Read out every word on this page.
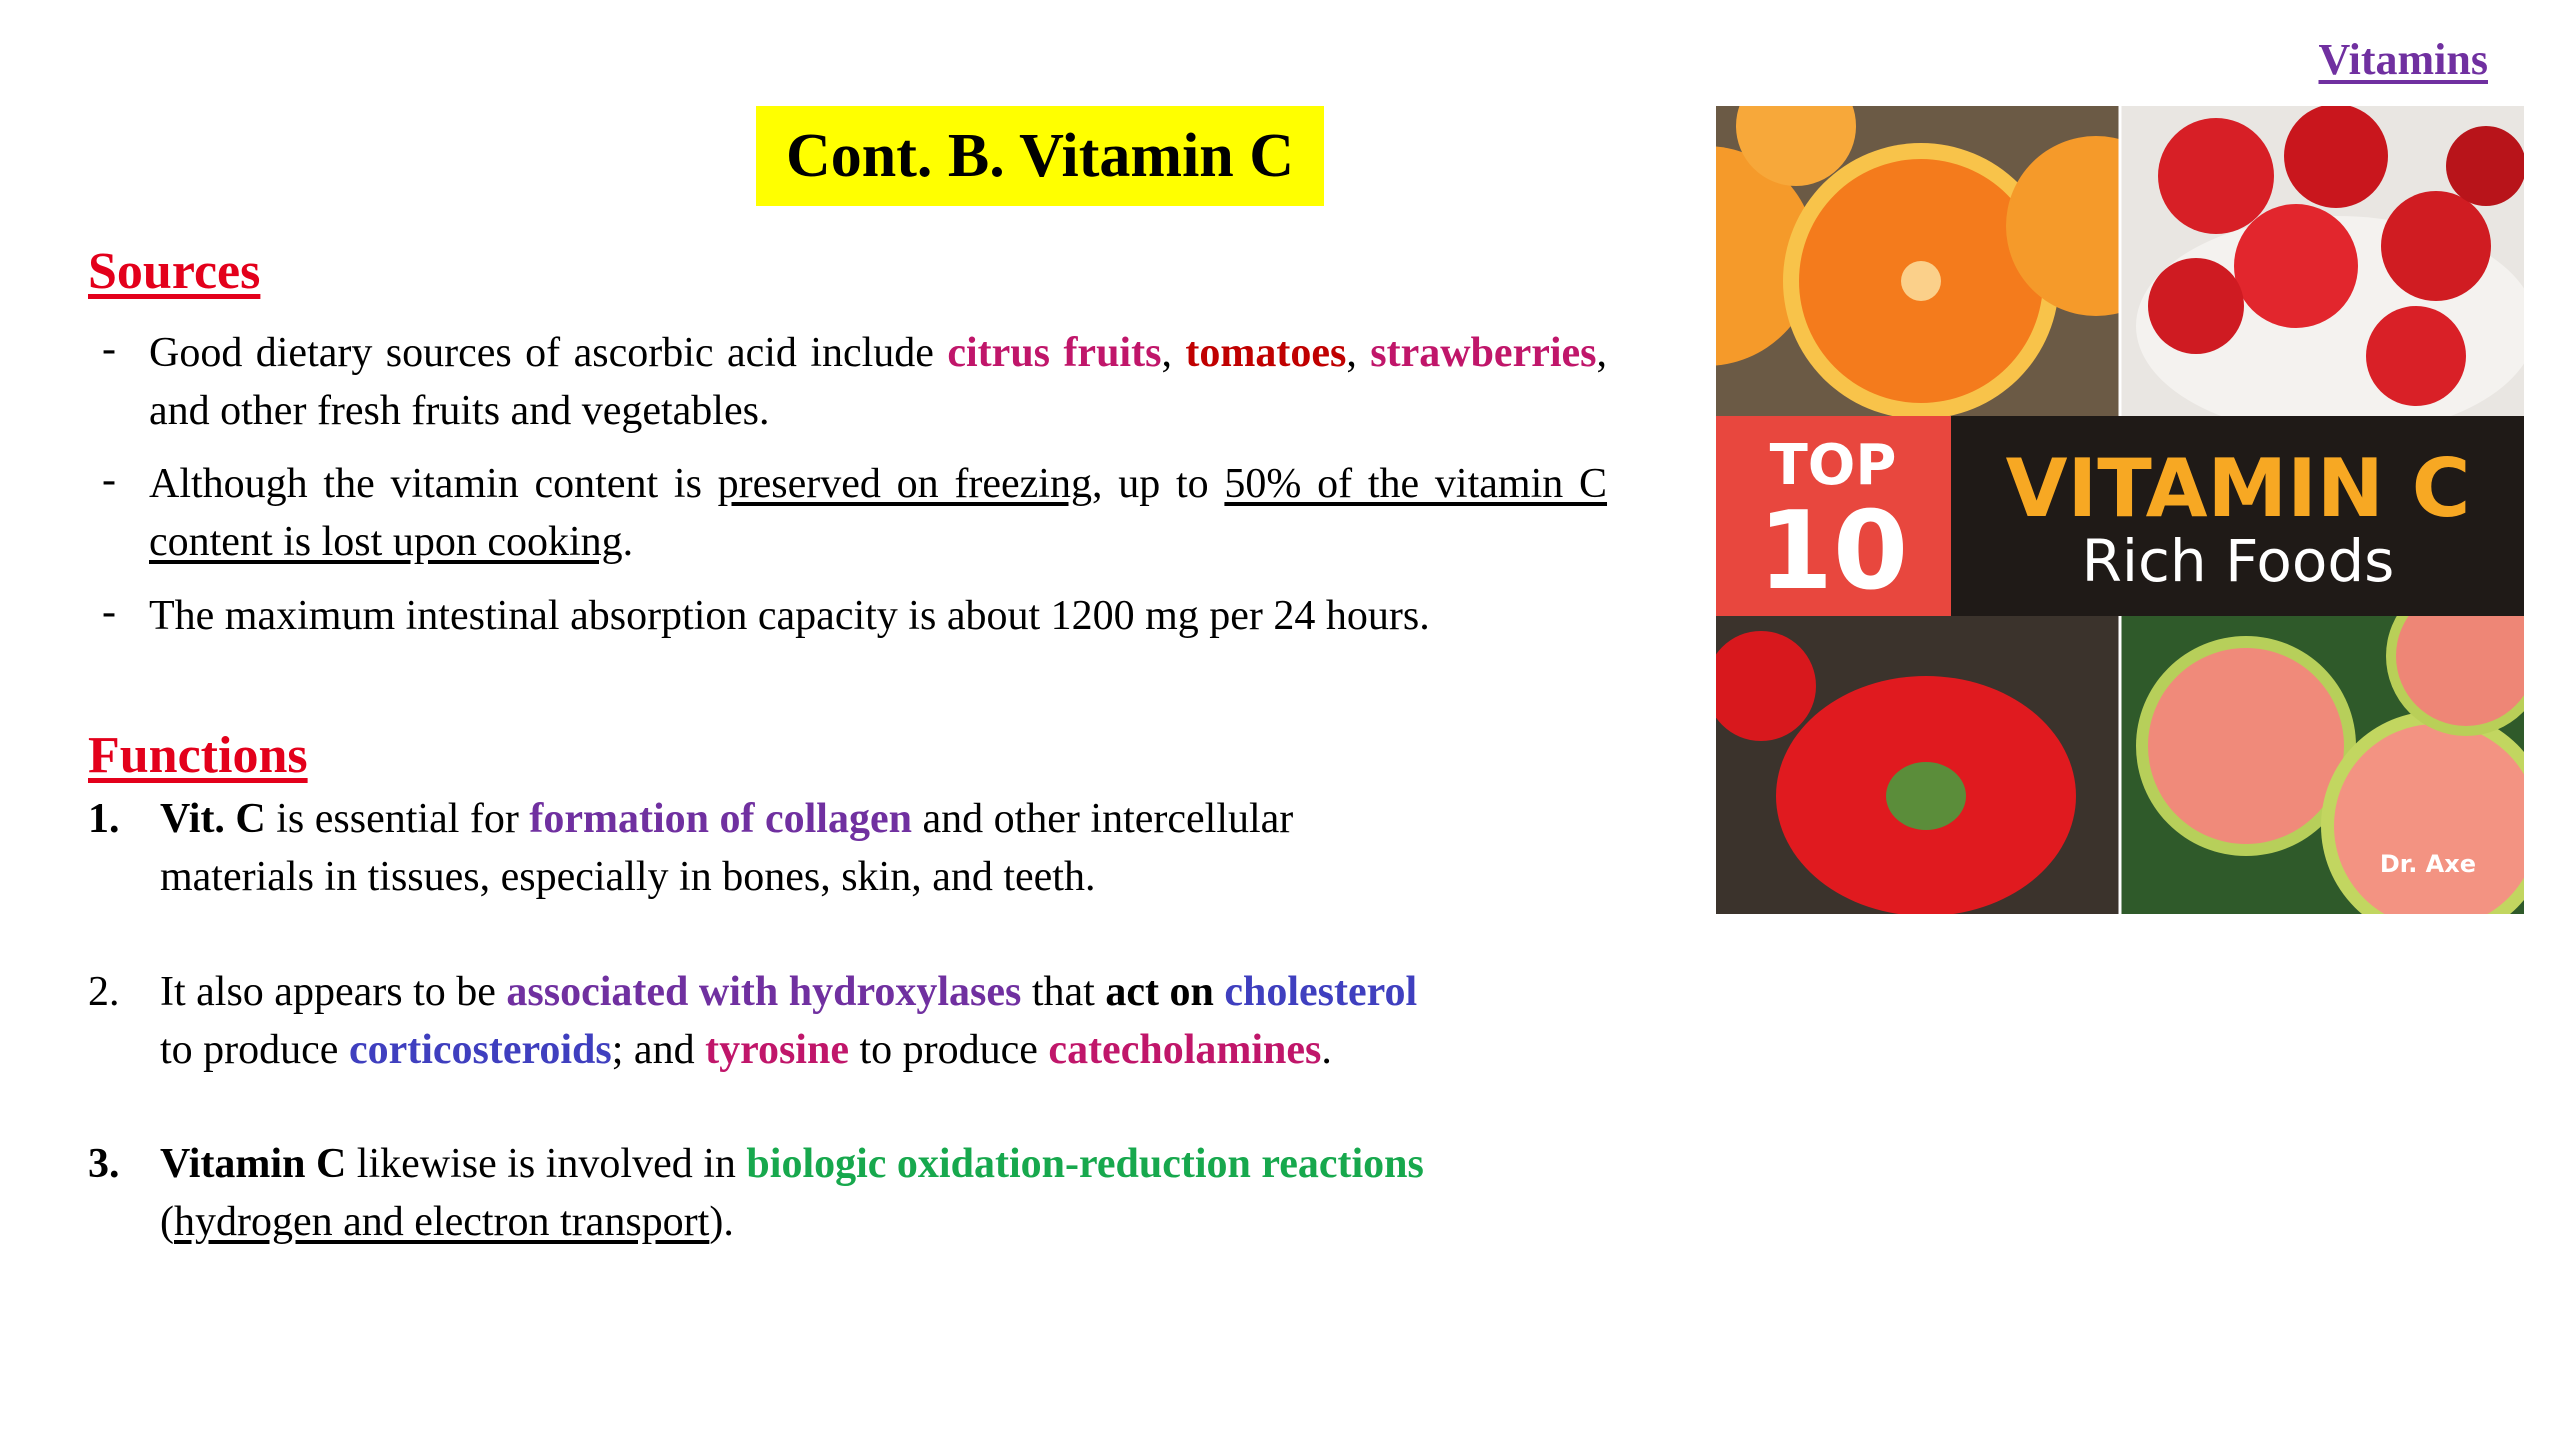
Vitamins
Cont. B. Vitamin C
Sources
- Good dietary sources of ascorbic acid include citrus fruits, tomatoes, strawberries, and other fresh fruits and vegetables.
- Although the vitamin content is preserved on freezing, up to 50% of the vitamin C content is lost upon cooking.
- The maximum intestinal absorption capacity is about 1200 mg per 24 hours.
Functions
1. Vit. C is essential for formation of collagen and other intercellular
materials in tissues, especially in bones, skin, and teeth.
2. It also appears to be associated with hydroxylases that act on cholesterol
to produce corticosteroids; and tyrosine to produce catecholamines.
3. Vitamin C likewise is involved in biologic oxidation-reduction reactions
(hydrogen and electron transport).
TOP
10
VITAMIN C
Rich Foods
Dr. Axe
